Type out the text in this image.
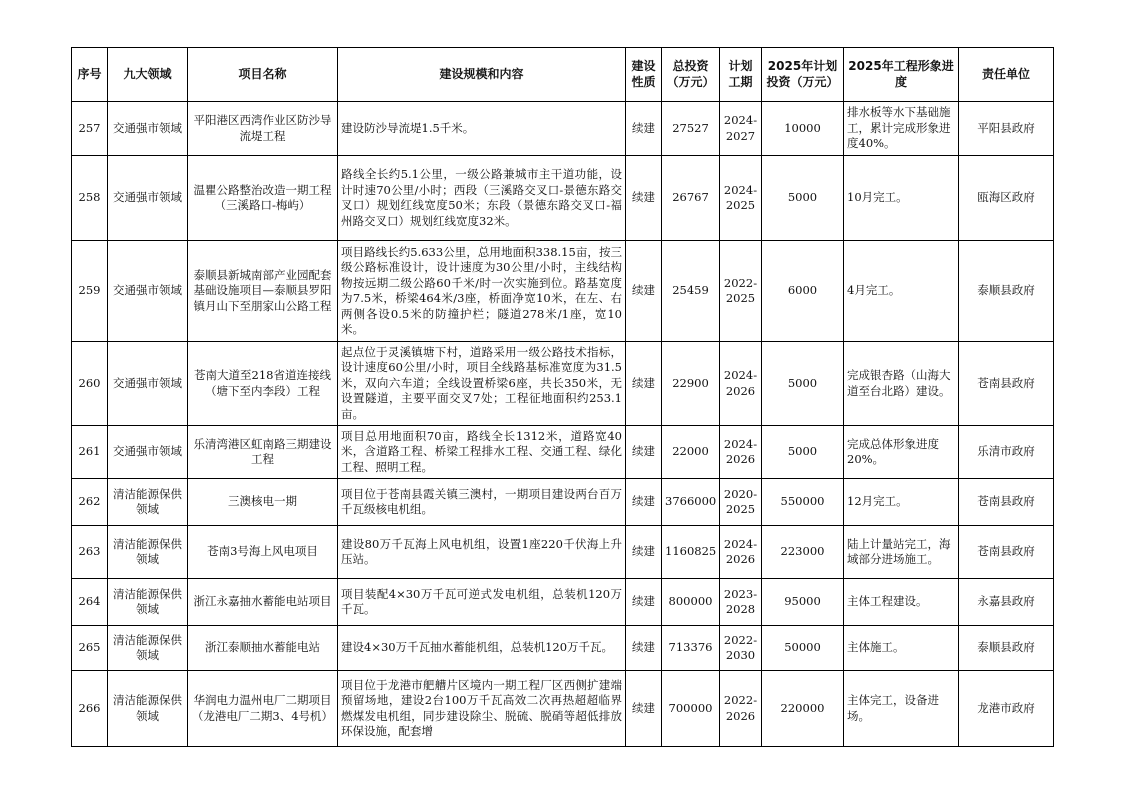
序号	九大领域	项目名称	建设规模和内容	建设性质	总投资（万元）	计划工期	2025年计划投资（万元）	2025年工程形象进度	责任单位
257	交通强市领域	平阳港区西湾作业区防沙导流堤工程	建设防沙导流堤1.5千米。	续建	27527	2024-2027	10000	排水板等水下基础施工，累计完成形象进度40%。	平阳县政府
258	交通强市领域	温瞿公路整治改造一期工程（三溪路口-梅屿）	路线全长约5.1公里，一级公路兼城市主干道功能，设计时速70公里/小时；西段（三溪路交叉口-景德东路交叉口）规划红线宽度50米；东段（景德东路交叉口-福州路交叉口）规划红线宽度32米。	续建	26767	2024-2025	5000	10月完工。	瓯海区政府
259	交通强市领域	泰顺县新城南部产业园配套基础设施项目—泰顺县罗阳镇月山下至朋家山公路工程	项目路线长约5.633公里，总用地面积338.15亩，按三级公路标准设计，设计速度为30公里/小时，主线结构物按远期二级公路60千米/时一次实施到位。路基宽度为7.5米，桥梁464米/3座，桥面净宽10米，在左、右两侧各设0.5米的防撞护栏；隧道278米/1座，宽10米。	续建	25459	2022-2025	6000	4月完工。	泰顺县政府
260	交通强市领域	苍南大道至218省道连接线（塘下至内李段）工程	起点位于灵溪镇塘下村，道路采用一级公路技术指标，设计速度60公里/小时，项目全线路基标准宽度为31.5米，双向六车道；全线设置桥梁6座，共长350米，无设置隧道，主要平面交叉7处；工程征地面积约253.1亩。	续建	22900	2024-2026	5000	完成银杏路（山海大道至台北路）建设。	苍南县政府
261	交通强市领域	乐清湾港区虹南路三期建设工程	项目总用地面积70亩，路线全长1312米，道路宽40米，含道路工程、桥梁工程排水工程、交通工程、绿化工程、照明工程。	续建	22000	2024-2026	5000	完成总体形象进度20%。	乐清市政府
262	清洁能源保供领域	三澳核电一期	项目位于苍南县霞关镇三澳村，一期项目建设两台百万千瓦级核电机组。	续建	3766000	2020-2025	550000	12月完工。	苍南县政府
263	清洁能源保供领域	苍南3号海上风电项目	建设80万千瓦海上风电机组，设置1座220千伏海上升压站。	续建	1160825	2024-2026	223000	陆上计量站完工，海域部分进场施工。	苍南县政府
264	清洁能源保供领域	浙江永嘉抽水蓄能电站项目	项目装配4×30万千瓦可逆式发电机组，总装机120万千瓦。	续建	800000	2023-2028	95000	主体工程建设。	永嘉县政府
265	清洁能源保供领域	浙江泰顺抽水蓄能电站	建设4×30万千瓦抽水蓄能机组，总装机120万千瓦。	续建	713376	2022-2030	50000	主体施工。	泰顺县政府
266	清洁能源保供领域	华润电力温州电厂二期项目（龙港电厂二期3、4号机）	项目位于龙港市舥艚片区境内一期工程厂区西侧扩建端预留场地，建设2台100万千瓦高效二次再热超超临界燃煤发电机组，同步建设除尘、脱硫、脱硝等超低排放环保设施，配套增	续建	700000	2022-2026	220000	主体完工，设备进场。	龙港市政府
